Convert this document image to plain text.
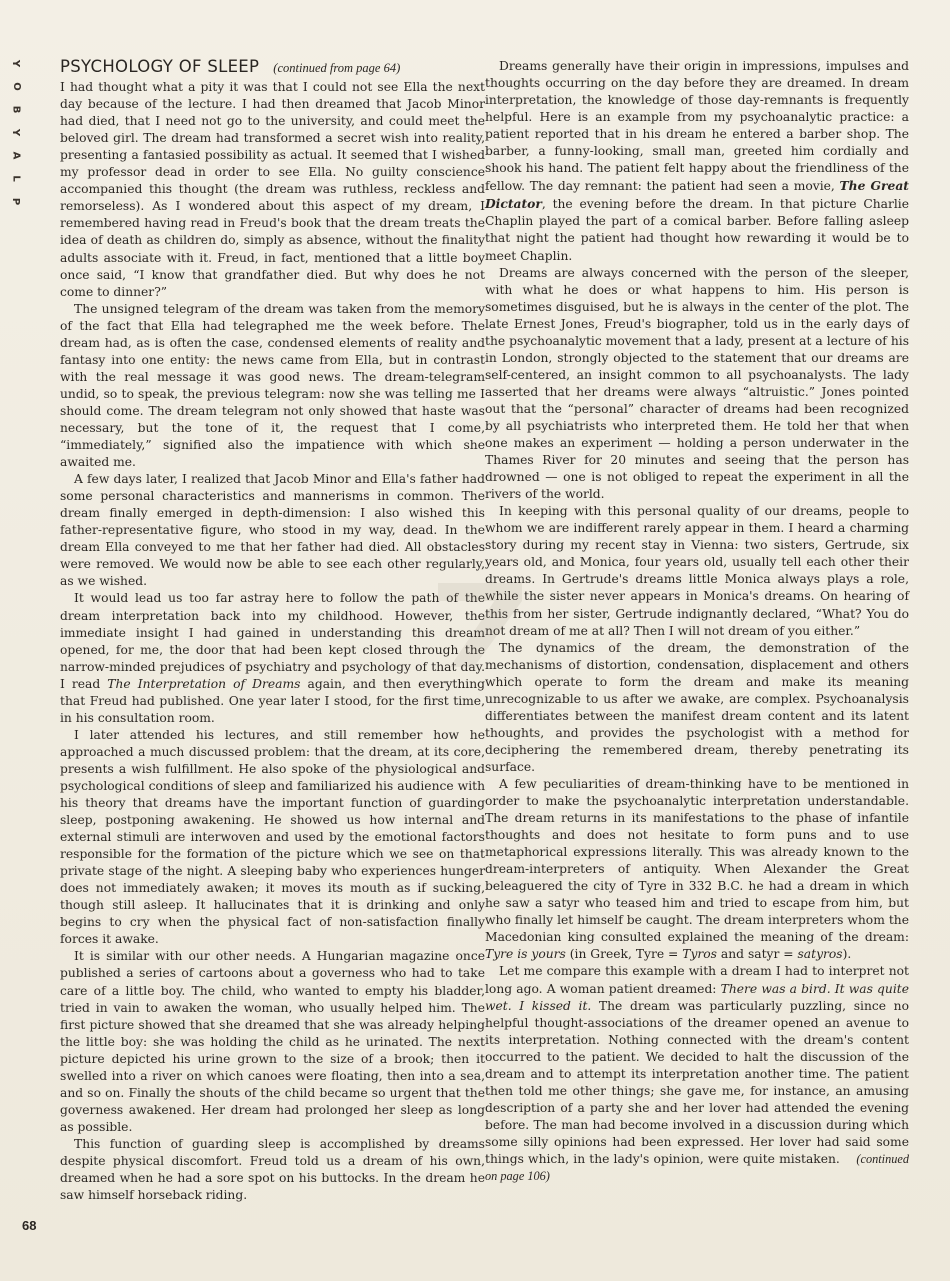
Y
O
B
Y
A
L
P
PSYCHOLOGY OF SLEEP (continued from page 64)

I had thought what a pity it was that I could not see Ella the next day because of the lecture. I had then dreamed that Jacob Minor had died, that I need not go to the university, and could meet the beloved girl. The dream had transformed a secret wish into reality, presenting a fantasied possibility as actual. It seemed that I wished my professor dead in order to see Ella. No guilty conscience accompanied this thought (the dream was ruthless, reckless and remorseless). As I wondered about this aspect of my dream, I remembered having read in Freud's book that the dream treats the idea of death as children do, simply as absence, without the finality adults associate with it. Freud, in fact, mentioned that a little boy once said, “I know that grandfather died. But why does he not come to dinner?”

The unsigned telegram of the dream was taken from the memory of the fact that Ella had telegraphed me the week before. The dream had, as is often the case, condensed elements of reality and fantasy into one entity: the news came from Ella, but in contrast with the real message it was good news. The dream-telegram undid, so to speak, the previous telegram: now she was telling me I should come. The dream telegram not only showed that haste was necessary, but the tone of it, the request that I come, “immediately,” signified also the impatience with which she awaited me.

A few days later, I realized that Jacob Minor and Ella's father had some personal characteristics and mannerisms in common. The dream finally emerged in depth-dimension: I also wished this father-representative figure, who stood in my way, dead. In the dream Ella conveyed to me that her father had died. All obstacles were removed. We would now be able to see each other regularly, as we wished.

It would lead us too far astray here to follow the path of the dream interpretation back into my childhood. However, the immediate insight I had gained in understanding this dream opened, for me, the door that had been kept closed through the narrow-minded prejudices of psychiatry and psychology of that day. I read The Interpretation of Dreams again, and then everything that Freud had published. One year later I stood, for the first time, in his consultation room.

I later attended his lectures, and still remember how he approached a much discussed problem: that the dream, at its core, presents a wish fulfillment. He also spoke of the physiological and psychological conditions of sleep and familiarized his audience with his theory that dreams have the important function of guarding sleep, postponing awakening. He showed us how internal and external stimuli are interwoven and used by the emotional factors responsible for the formation of the picture which we see on that private stage of the night. A sleeping baby who experiences hunger does not immediately awaken; it moves its mouth as if sucking, though still asleep. It hallucinates that it is drinking and only begins to cry when the physical fact of non-satisfaction finally forces it awake.

It is similar with our other needs. A Hungarian magazine once published a series of cartoons about a governess who had to take care of a little boy. The child, who wanted to empty his bladder, tried in vain to awaken the woman, who usually helped him. The first picture showed that she dreamed that she was already helping the little boy: she was holding the child as he urinated. The next picture depicted his urine grown to the size of a brook; then it swelled into a river on which canoes were floating, then into a sea, and so on. Finally the shouts of the child became so urgent that the governess awakened. Her dream had prolonged her sleep as long as possible.

This function of guarding sleep is accomplished by dreams despite physical discomfort. Freud told us a dream of his own, dreamed when he had a sore spot on his buttocks. In the dream he saw himself horseback riding.

Dreams generally have their origin in impressions, impulses and thoughts occurring on the day before they are dreamed. In dream interpretation, the knowledge of those day-remnants is frequently helpful. Here is an example from my psychoanalytic practice: a patient reported that in his dream he entered a barber shop. The barber, a funny-looking, small man, greeted him cordially and shook his hand. The patient felt happy about the friendliness of the fellow. The day remnant: the patient had seen a movie, The Great Dictator, the evening before the dream. In that picture Charlie Chaplin played the part of a comical barber. Before falling asleep that night the patient had thought how rewarding it would be to meet Chaplin.

Dreams are always concerned with the person of the sleeper, with what he does or what happens to him. His person is sometimes disguised, but he is always in the center of the plot. The late Ernest Jones, Freud's biographer, told us in the early days of the psychoanalytic movement that a lady, present at a lecture of his in London, strongly objected to the statement that our dreams are self-centered, an insight common to all psychoanalysts. The lady asserted that her dreams were always “altruistic.” Jones pointed out that the “personal” character of dreams had been recognized by all psychiatrists who interpreted them. He told her that when one makes an experiment — holding a person underwater in the Thames River for 20 minutes and seeing that the person has drowned — one is not obliged to repeat the experiment in all the rivers of the world.

In keeping with this personal quality of our dreams, people to whom we are indifferent rarely appear in them. I heard a charming story during my recent stay in Vienna: two sisters, Gertrude, six years old, and Monica, four years old, usually tell each other their dreams. In Gertrude's dreams little Monica always plays a role, while the sister never appears in Monica's dreams. On hearing of this from her sister, Gertrude indignantly declared, “What? You do not dream of me at all? Then I will not dream of you either.”

The dynamics of the dream, the demonstration of the mechanisms of distortion, condensation, displacement and others which operate to form the dream and make its meaning unrecognizable to us after we awake, are complex. Psychoanalysis differentiates between the manifest dream content and its latent thoughts, and provides the psychologist with a method for deciphering the remembered dream, thereby penetrating its surface.

A few peculiarities of dream-thinking have to be mentioned in order to make the psychoanalytic interpretation understandable. The dream returns in its manifestations to the phase of infantile thoughts and does not hesitate to form puns and to use metaphorical expressions literally. This was already known to the dream-interpreters of antiquity. When Alexander the Great beleaguered the city of Tyre in 332 B.C. he had a dream in which he saw a satyr who teased him and tried to escape from him, but who finally let himself be caught. The dream interpreters whom the Macedonian king consulted explained the meaning of the dream: Tyre is yours (in Greek, Tyre = Tyros and satyr = satyros).

Let me compare this example with a dream I had to interpret not long ago. A woman patient dreamed: There was a bird. It was quite wet. I kissed it. The dream was particularly puzzling, since no helpful thought-associations of the dreamer opened an avenue to its interpretation. Nothing connected with the dream's content occurred to the patient. We decided to halt the discussion of the dream and to attempt its interpretation another time. The patient then told me other things; she gave me, for instance, an amusing description of a party she and her lover had attended the evening before. The man had become involved in a discussion during which some silly opinions had been expressed. Her lover had said some things which, in the lady's opinion, were quite mistaken. (continued on page 106)

68
